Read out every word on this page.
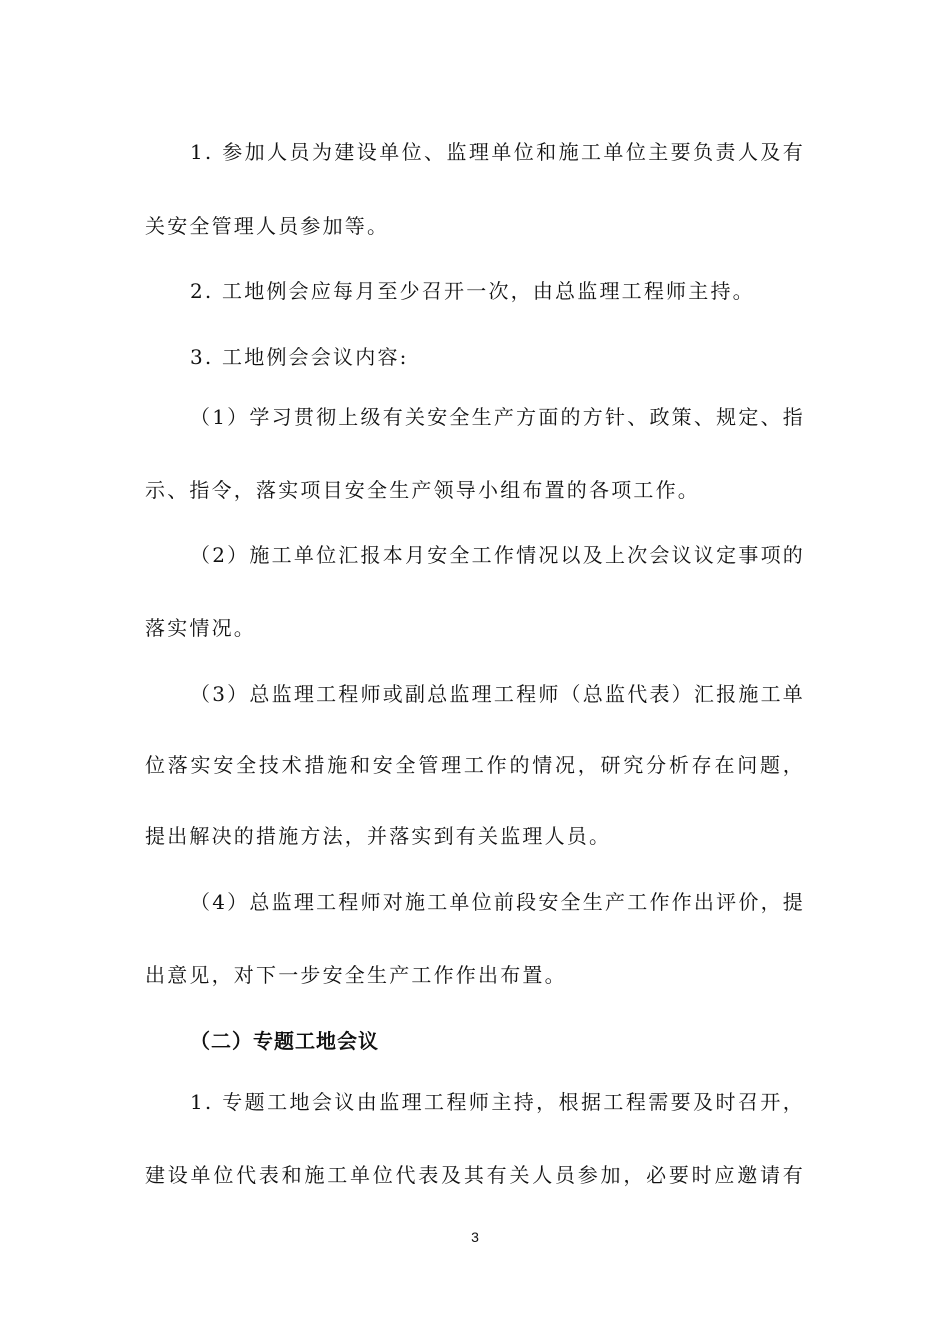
1. 参加人员为建设单位、监理单位和施工单位主要负责人及有
关安全管理人员参加等。
2. 工地例会应每月至少召开一次，由总监理工程师主持。
3. 工地例会会议内容:
（1）学习贯彻上级有关安全生产方面的方针、政策、规定、指
示、指令，落实项目安全生产领导小组布置的各项工作。
（2）施工单位汇报本月安全工作情况以及上次会议议定事项的
落实情况。
（3）总监理工程师或副总监理工程师（总监代表）汇报施工单
位落实安全技术措施和安全管理工作的情况，研究分析存在问题，
提出解决的措施方法，并落实到有关监理人员。
（4）总监理工程师对施工单位前段安全生产工作作出评价，提
出意见，对下一步安全生产工作作出布置。
（二）专题工地会议
1. 专题工地会议由监理工程师主持，根据工程需要及时召开，
建设单位代表和施工单位代表及其有关人员参加，必要时应邀请有
3
